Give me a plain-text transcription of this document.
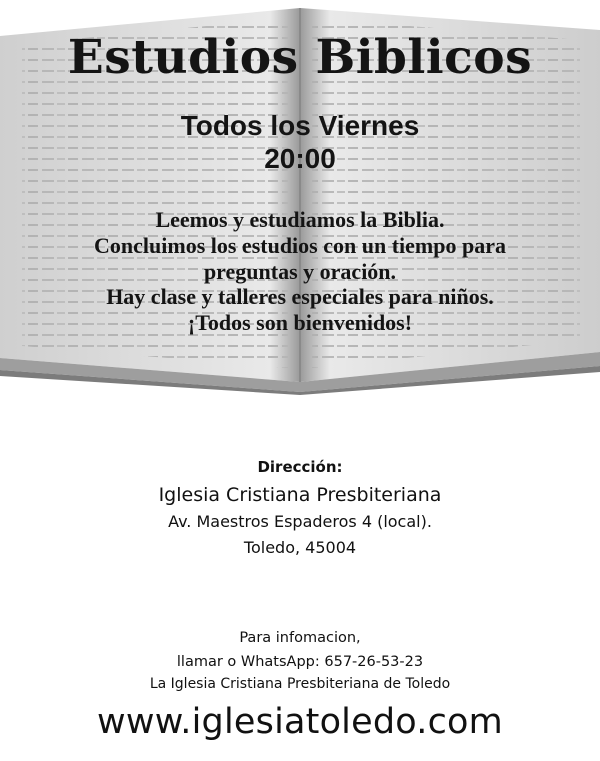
Estudios Biblicos
Todos los Viernes
20:00
Leemos y estudiamos la Biblia.
Concluimos los estudios con un tiempo para
preguntas y oración.
Hay clase y talleres especiales para niños.
¡Todos son bienvenidos!
Dirección:
Iglesia Cristiana Presbiteriana
Av. Maestros Espaderos 4 (local).
Toledo, 45004
Para infomacion,
llamar o WhatsApp: 657-26-53-23
La Iglesia Cristiana Presbiteriana de Toledo
www.iglesiatoledo.com
